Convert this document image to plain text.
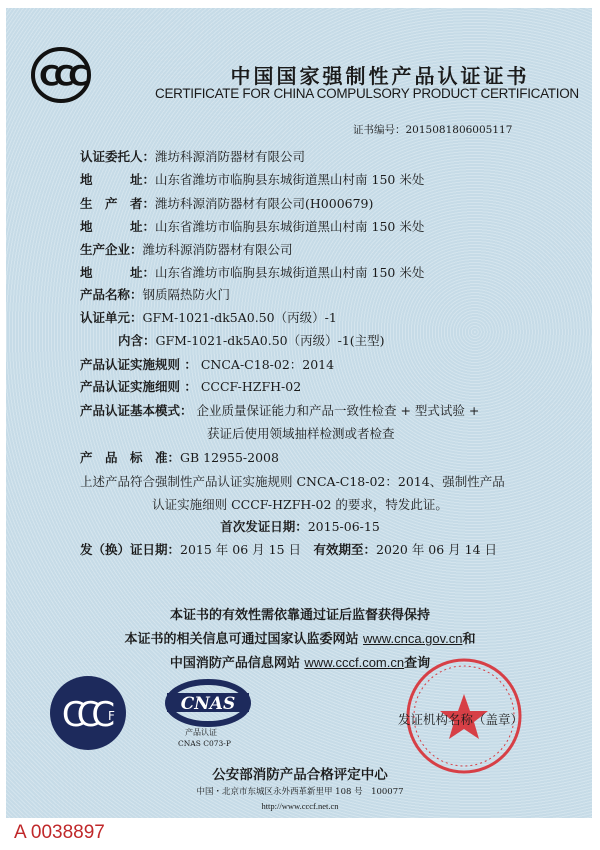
CCC	中国国家强制性产品认证证书
CERTIFICATE FOR CHINA COMPULSORY PRODUCT CERTIFICATION
证书编号：2015081806005117
认证委托人：潍坊科源消防器材有限公司
地　　　址：山东省潍坊市临朐县东城街道黑山村南 150 米处
生　产　者：潍坊科源消防器材有限公司(H000679)
地　　　址：山东省潍坊市临朐县东城街道黑山村南 150 米处
生产企业：潍坊科源消防器材有限公司
地　　　址：山东省潍坊市临朐县东城街道黑山村南 150 米处
产品名称：钢质隔热防火门
认证单元：GFM-1021-dk5A0.50（丙级）-1
内含：GFM-1021-dk5A0.50（丙级）-1(主型)
产品认证实施规则 ： CNCA-C18-02：2014
产品认证实施细则 ： CCCF-HZFH-02
产品认证基本模式： 企业质量保证能力和产品一致性检查 + 型式试验 +
获证后使用领域抽样检测或者检查
产　品　标　准：GB 12955-2008
上述产品符合强制性产品认证实施规则 CNCA-C18-02：2014、强制性产品
认证实施细则 CCCF-HZFH-02 的要求，特发此证。
首次发证日期：2015-06-15
发（换）证日期：2015 年 06 月 15 日　 有效期至：2020 年 06 月 14 日
本证书的有效性需依靠通过证后监督获得保持
本证书的相关信息可通过国家认监委网站 www.cnca.gov.cn和
中国消防产品信息网站 www.cccf.com.cn查询
CCC F
CNAS
产品认证
CNAS C073-P
发证机构名称（盖章）
公安部消防产品合格评定中心
中国・北京市东城区永外西革新里甲 108 号　100077
http://www.cccf.net.cn
A 0038897
